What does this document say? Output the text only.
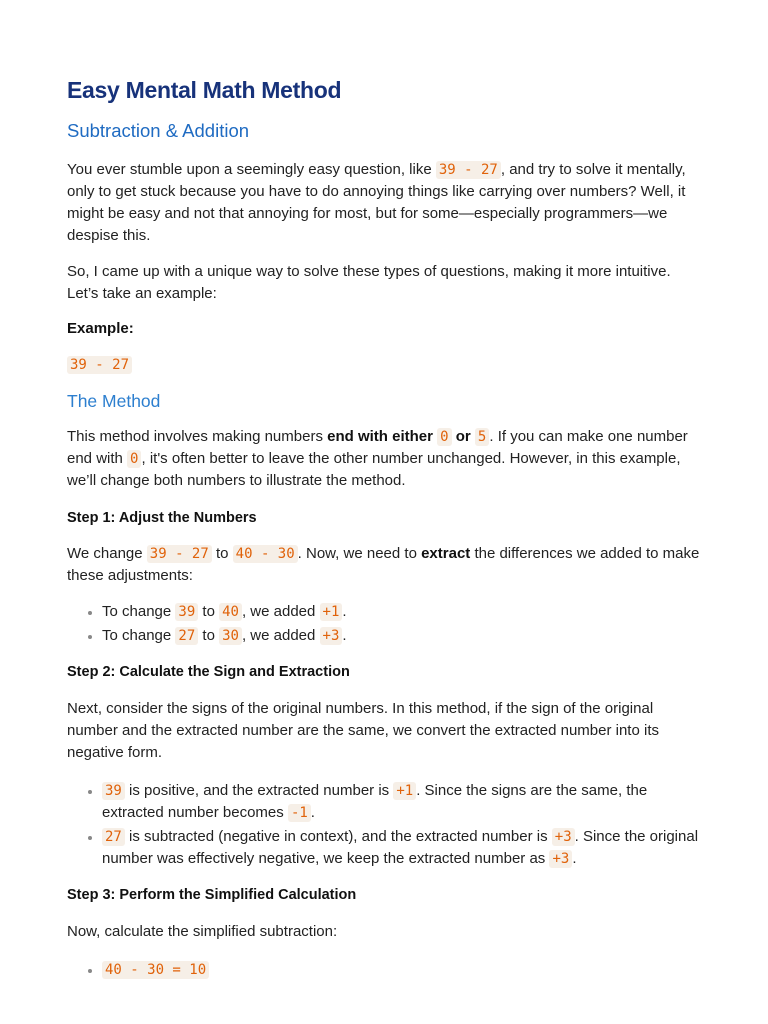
Easy Mental Math Method
Subtraction & Addition

You ever stumble upon a seemingly easy question, like 39 - 27 , and try to solve it mentally, only to get stuck because you have to do annoying things like carrying over numbers? Well, it might be easy and not that annoying for most, but for some—especially programmers—we despise this.

So, I came up with a unique way to solve these types of questions, making it more intuitive. Let’s take an example:

Example:
39 - 27
The Method

This method involves making numbers end with either 0 or 5 . If you can make one number end with 0 , it's often better to leave the other number unchanged. However, in this example, we’ll change both numbers to illustrate the method.

Step 1: Adjust the Numbers

We change 39 - 27 to 40 - 30 . Now, we need to extract the differences we added to make these adjustments:

• To change 39 to 40 , we added +1 .
• To change 27 to 30 , we added +3 .
Step 2: Calculate the Sign and Extraction

Next, consider the signs of the original numbers. In this method, if the sign of the original number and the extracted number are the same, we convert the extracted number into its negative form.

• 39 is positive, and the extracted number is +1 . Since the signs are the same, the extracted number becomes -1 .
• 27 is subtracted (negative in context), and the extracted number is +3 . Since the original number was effectively negative, we keep the extracted number as +3 .
Step 3: Perform the Simplified Calculation

Now, calculate the simplified subtraction:

• 40 - 30 = 10
